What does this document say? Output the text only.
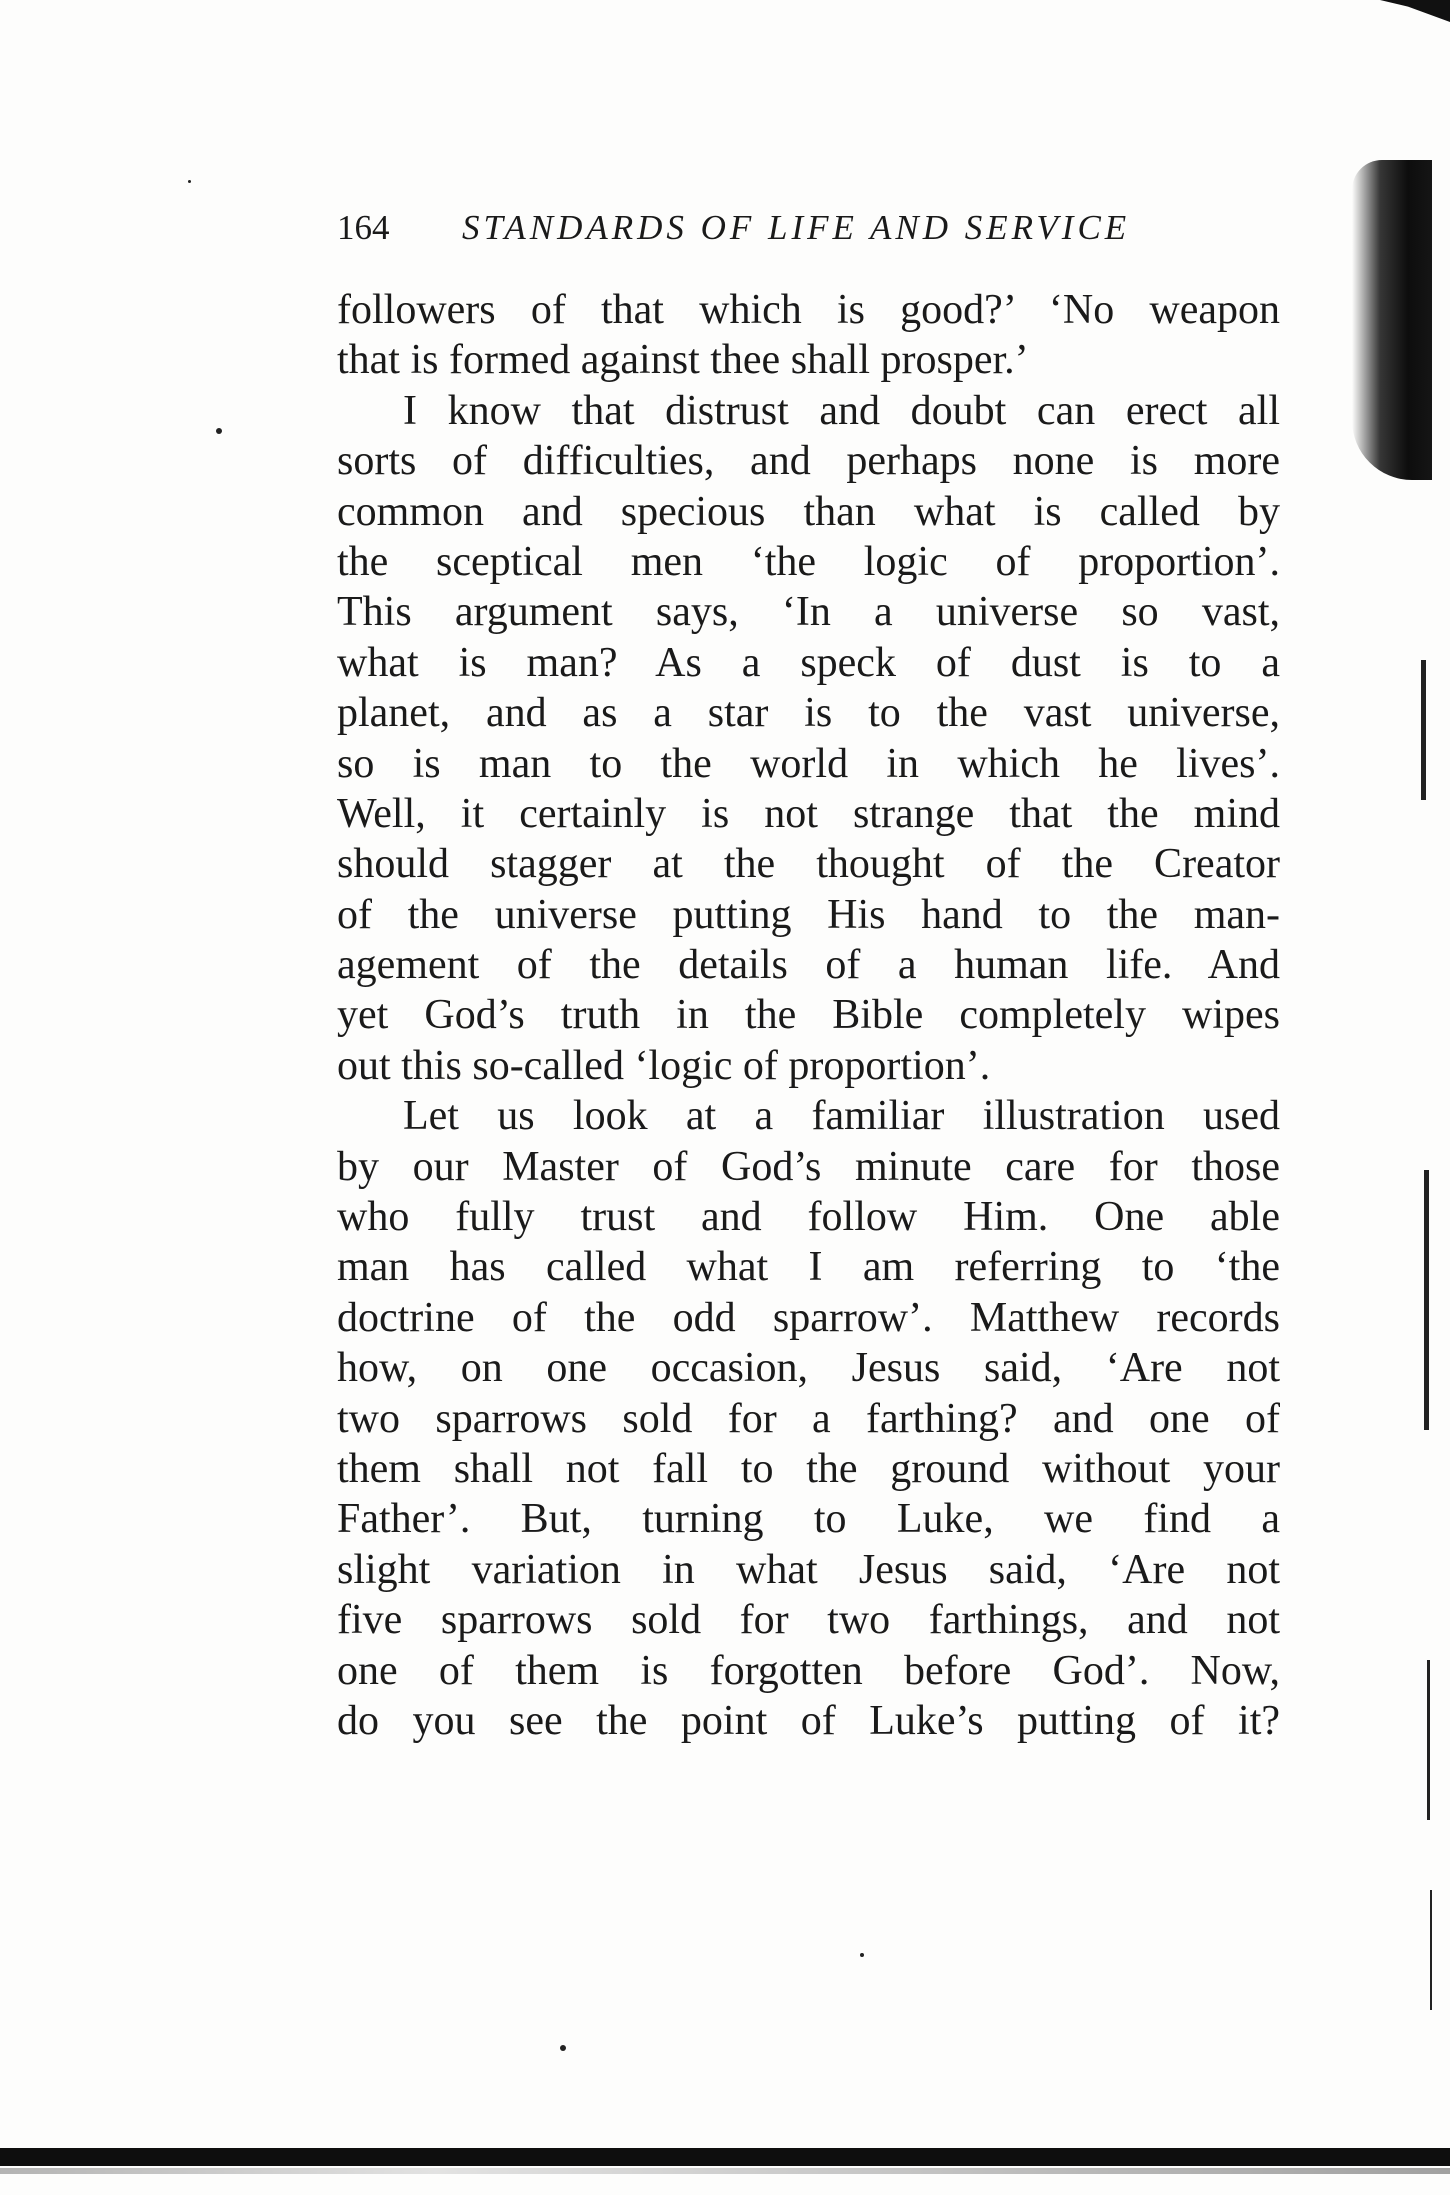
164 STANDARDS OF LIFE AND SERVICE
followers of that which is good?’ ‘No weapon
that is formed against thee shall prosper.’
I know that distrust and doubt can erect all
sorts of difficulties, and perhaps none is more
common and specious than what is called by
the sceptical men ‘the logic of proportion’.
This argument says, ‘In a universe so vast,
what is man? As a speck of dust is to a
planet, and as a star is to the vast universe,
so is man to the world in which he lives’.
Well, it certainly is not strange that the mind
should stagger at the thought of the Creator
of the universe putting His hand to the man-
agement of the details of a human life. And
yet God’s truth in the Bible completely wipes
out this so-called ‘logic of proportion’.
Let us look at a familiar illustration used
by our Master of God’s minute care for those
who fully trust and follow Him. One able
man has called what I am referring to ‘the
doctrine of the odd sparrow’. Matthew records
how, on one occasion, Jesus said, ‘Are not
two sparrows sold for a farthing? and one of
them shall not fall to the ground without your
Father’. But, turning to Luke, we find a
slight variation in what Jesus said, ‘Are not
five sparrows sold for two farthings, and not
one of them is forgotten before God’. Now,
do you see the point of Luke’s putting of it?
